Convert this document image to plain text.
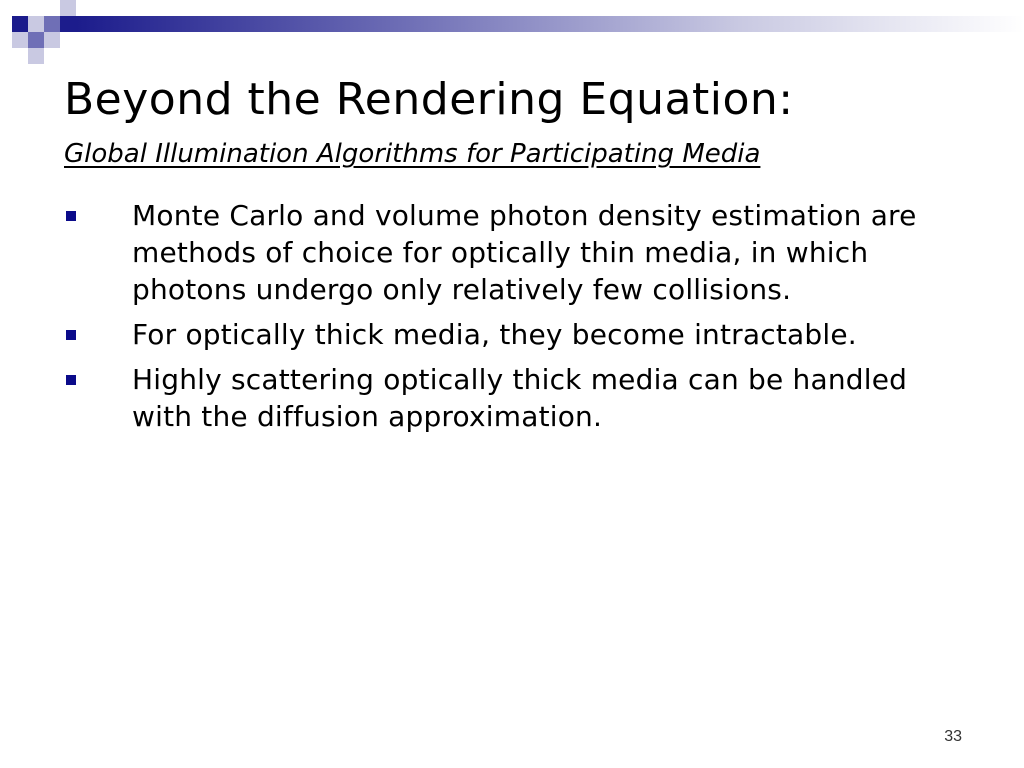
Beyond the Rendering Equation:
Global Illumination Algorithms for Participating Media
Monte Carlo and volume photon density estimation are methods of choice for optically thin media, in which photons undergo only relatively few collisions.
For optically thick media, they become intractable.
Highly scattering optically thick media can be handled with the diffusion approximation.
33
